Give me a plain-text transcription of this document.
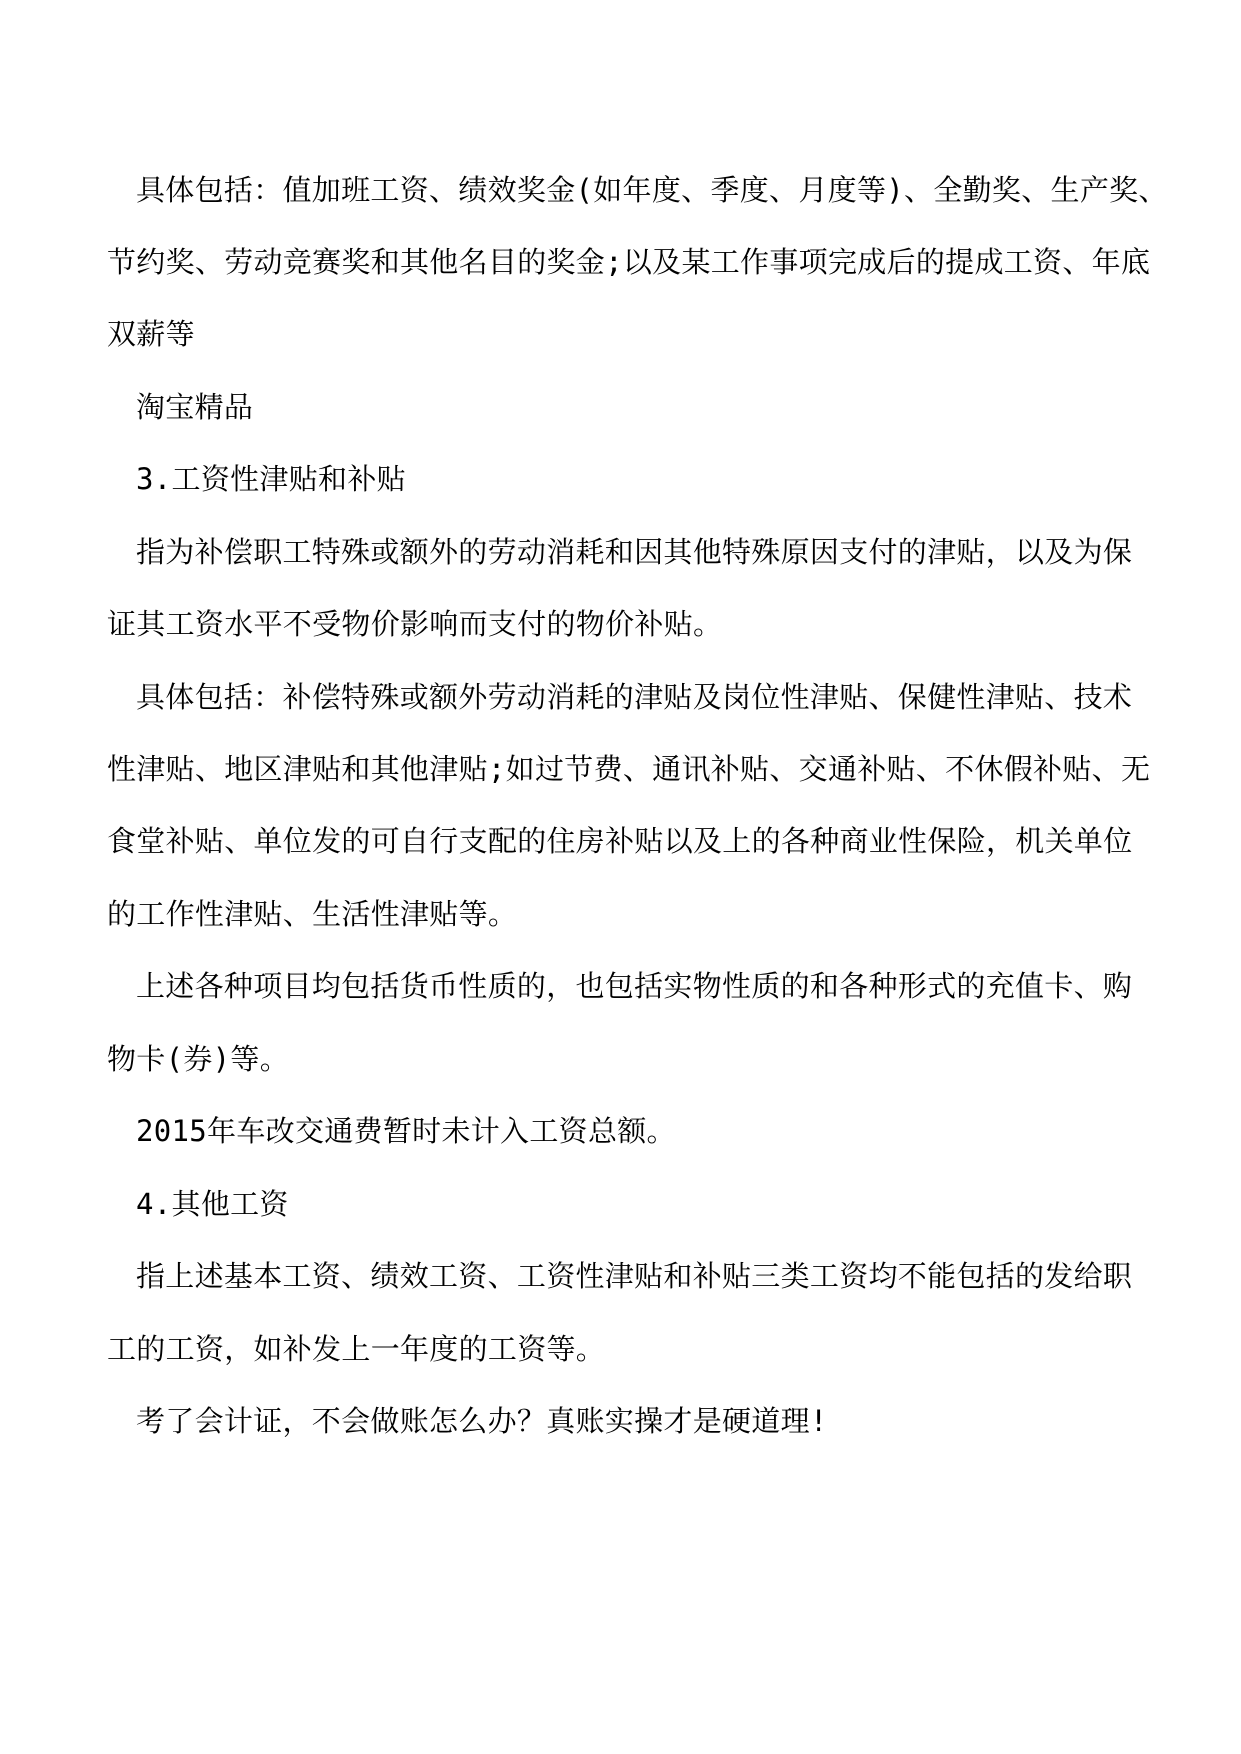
具体包括：值加班工资、绩效奖金(如年度、季度、月度等)、全勤奖、生产奖、

节约奖、劳动竞赛奖和其他名目的奖金;以及某工作事项完成后的提成工资、年底

双薪等

淘宝精品

3.工资性津贴和补贴

指为补偿职工特殊或额外的劳动消耗和因其他特殊原因支付的津贴，以及为保

证其工资水平不受物价影响而支付的物价补贴。

具体包括：补偿特殊或额外劳动消耗的津贴及岗位性津贴、保健性津贴、技术

性津贴、地区津贴和其他津贴;如过节费、通讯补贴、交通补贴、不休假补贴、无

食堂补贴、单位发的可自行支配的住房补贴以及上的各种商业性保险，机关单位

的工作性津贴、生活性津贴等。

上述各种项目均包括货币性质的，也包括实物性质的和各种形式的充值卡、购

物卡(券)等。

2015年车改交通费暂时未计入工资总额。

4.其他工资

指上述基本工资、绩效工资、工资性津贴和补贴三类工资均不能包括的发给职

工的工资，如补发上一年度的工资等。

考了会计证，不会做账怎么办？真账实操才是硬道理!
